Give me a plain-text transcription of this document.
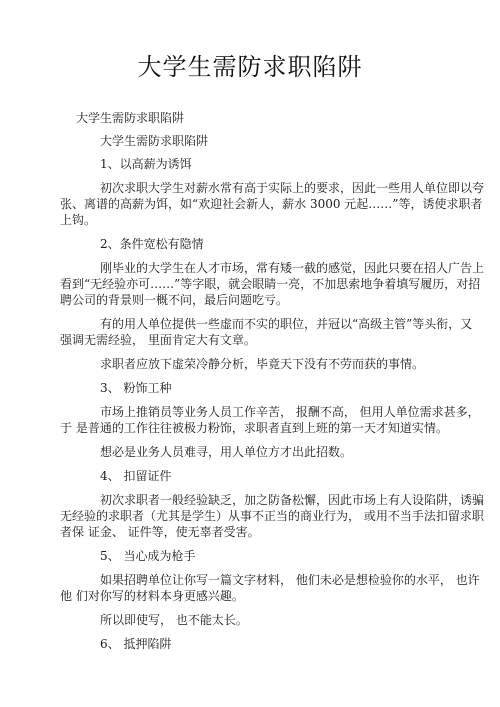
大学生需防求职陷阱
大学生需防求职陷阱
大学生需防求职陷阱
1、以高薪为诱饵
初次求职大学生对薪水常有高于实际上的要求，因此一些用人单位即以夸
张、离谱的高薪为饵，如“欢迎社会新人，薪水 3000 元起……”等，诱使求职者
上钩。
2、条件宽松有隐情
刚毕业的大学生在人才市场，常有矮一截的感觉，因此只要在招人广告上
看到“无经验亦可……”等字眼，就会眼睛一亮，不加思索地争着填写履历，对招
聘公司的背景则一概不问，最后问题吃亏。
有的用人单位提供一些虚而不实的职位，并冠以“高级主管”等头衔，又
强调无需经验， 里面肯定大有文章。
求职者应放下虚荣冷静分析，毕竟天下没有不劳而获的事情。
3、 粉饰工种
市场上推销员等业务人员工作辛苦， 报酬不高， 但用人单位需求甚多，
于 是普通的工作往往被极力粉饰，求职者直到上班的第一天才知道实情。
想必是业务人员难寻，用人单位方才出此招数。
4、 扣留证件
初次求职者一般经验缺乏，加之防备松懈，因此市场上有人设陷阱，诱骗
无经验的求职者（尤其是学生）从事不正当的商业行为， 或用不当手法扣留求职
者保 证金、 证件等，使无辜者受害。
5、 当心成为枪手
如果招聘单位让你写一篇文字材料， 他们未必是想检验你的水平， 也许
他 们对你写的材料本身更感兴趣。
所以即使写， 也不能太长。
6、 抵押陷阱
